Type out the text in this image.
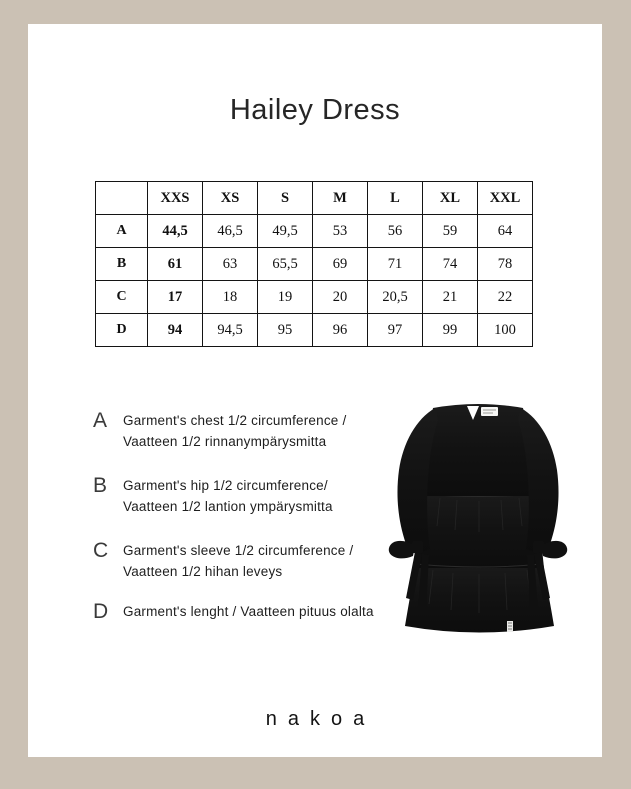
Hailey Dress
	XXS	XS	S	M	L	XL	XXL
A	44,5	46,5	49,5	53	56	59	64
B	61	63	65,5	69	71	74	78
C	17	18	19	20	20,5	21	22
D	94	94,5	95	96	97	99	100
A	Garment's chest 1/2 circumference /
Vaatteen 1/2 rinnanympärysmitta
B	Garment's hip 1/2 circumference/
Vaatteen 1/2 lantion ympärysmitta
C	Garment's sleeve 1/2 circumference /
Vaatteen 1/2 hihan leveys
D	Garment's lenght / Vaatteen pituus olalta
nakoa
